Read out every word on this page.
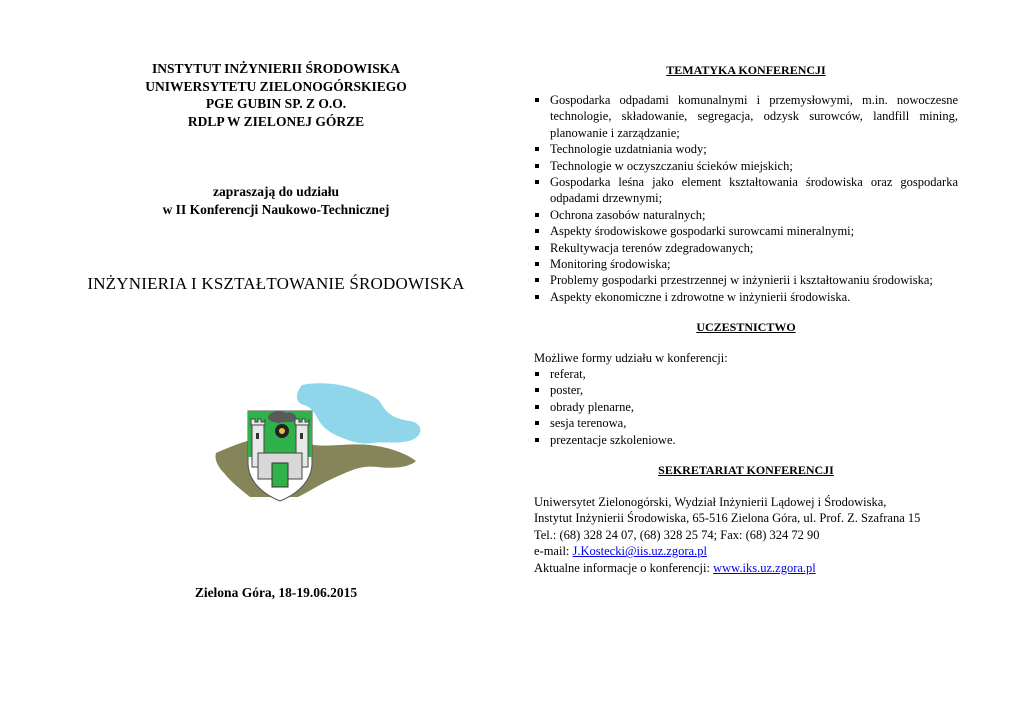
INSTYTUT INŻYNIERII ŚRODOWISKA
UNIWERSYTETU ZIELONOGÓRSKIEGO
PGE GUBIN SP. Z O.O.
RDLP W ZIELONEJ GÓRZE
zapraszają do udziału
w II Konferencji Naukowo-Technicznej
INŻYNIERIA I KSZTAŁTOWANIE ŚRODOWISKA
Zielona Góra, 18-19.06.2015
TEMATYKA KONFERENCJI
Gospodarka odpadami komunalnymi i przemysłowymi, m.in. nowoczesne technologie, składowanie, segregacja, odzysk surowców, landfill mining, planowanie i zarządzanie;
Technologie uzdatniania wody;
Technologie w oczyszczaniu ścieków miejskich;
Gospodarka leśna jako element kształtowania środowiska oraz gospodarka odpadami drzewnymi;
Ochrona zasobów naturalnych;
Aspekty środowiskowe gospodarki surowcami mineralnymi;
Rekultywacja terenów zdegradowanych;
Monitoring środowiska;
Problemy gospodarki przestrzennej w inżynierii i kształtowaniu środowiska;
Aspekty ekonomiczne i zdrowotne w inżynierii środowiska.
UCZESTNICTWO
Możliwe formy udziału w konferencji:
referat,
poster,
obrady plenarne,
sesja terenowa,
prezentacje szkoleniowe.
SEKRETARIAT KONFERENCJI
Uniwersytet Zielonogórski, Wydział Inżynierii Lądowej i Środowiska,
Instytut Inżynierii Środowiska, 65-516 Zielona Góra, ul. Prof. Z. Szafrana 15
Tel.: (68) 328 24 07, (68) 328 25 74; Fax: (68) 324 72 90
e-mail: J.Kostecki@iis.uz.zgora.pl
Aktualne informacje o konferencji: www.iks.uz.zgora.pl
